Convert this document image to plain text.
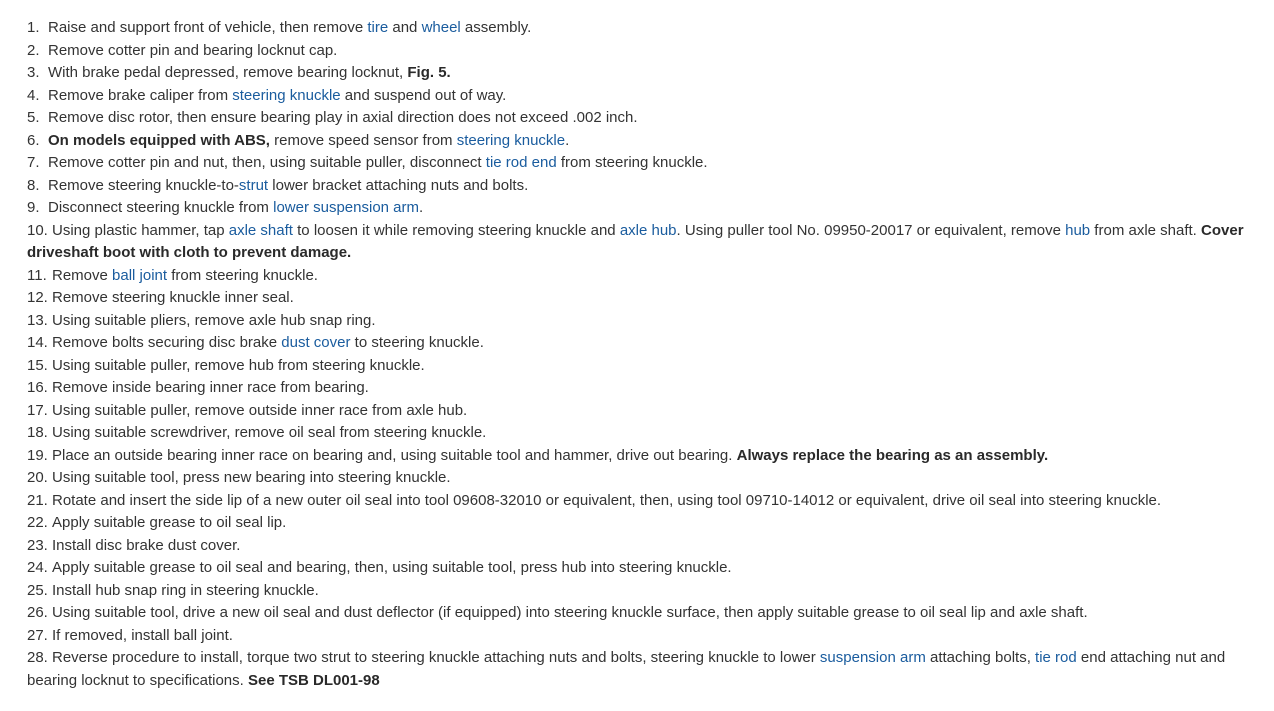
1. Raise and support front of vehicle, then remove tire and wheel assembly.
2. Remove cotter pin and bearing locknut cap.
3. With brake pedal depressed, remove bearing locknut, Fig. 5.
4. Remove brake caliper from steering knuckle and suspend out of way.
5. Remove disc rotor, then ensure bearing play in axial direction does not exceed .002 inch.
6. On models equipped with ABS, remove speed sensor from steering knuckle.
7. Remove cotter pin and nut, then, using suitable puller, disconnect tie rod end from steering knuckle.
8. Remove steering knuckle-to-strut lower bracket attaching nuts and bolts.
9. Disconnect steering knuckle from lower suspension arm.
10. Using plastic hammer, tap axle shaft to loosen it while removing steering knuckle and axle hub. Using puller tool No. 09950-20017 or equivalent, remove hub from axle shaft. Cover driveshaft boot with cloth to prevent damage.
11. Remove ball joint from steering knuckle.
12. Remove steering knuckle inner seal.
13. Using suitable pliers, remove axle hub snap ring.
14. Remove bolts securing disc brake dust cover to steering knuckle.
15. Using suitable puller, remove hub from steering knuckle.
16. Remove inside bearing inner race from bearing.
17. Using suitable puller, remove outside inner race from axle hub.
18. Using suitable screwdriver, remove oil seal from steering knuckle.
19. Place an outside bearing inner race on bearing and, using suitable tool and hammer, drive out bearing. Always replace the bearing as an assembly.
20. Using suitable tool, press new bearing into steering knuckle.
21. Rotate and insert the side lip of a new outer oil seal into tool 09608-32010 or equivalent, then, using tool 09710-14012 or equivalent, drive oil seal into steering knuckle.
22. Apply suitable grease to oil seal lip.
23. Install disc brake dust cover.
24. Apply suitable grease to oil seal and bearing, then, using suitable tool, press hub into steering knuckle.
25. Install hub snap ring in steering knuckle.
26. Using suitable tool, drive a new oil seal and dust deflector (if equipped) into steering knuckle surface, then apply suitable grease to oil seal lip and axle shaft.
27. If removed, install ball joint.
28. Reverse procedure to install, torque two strut to steering knuckle attaching nuts and bolts, steering knuckle to lower suspension arm attaching bolts, tie rod end attaching nut and bearing locknut to specifications. See TSB DL001-98
